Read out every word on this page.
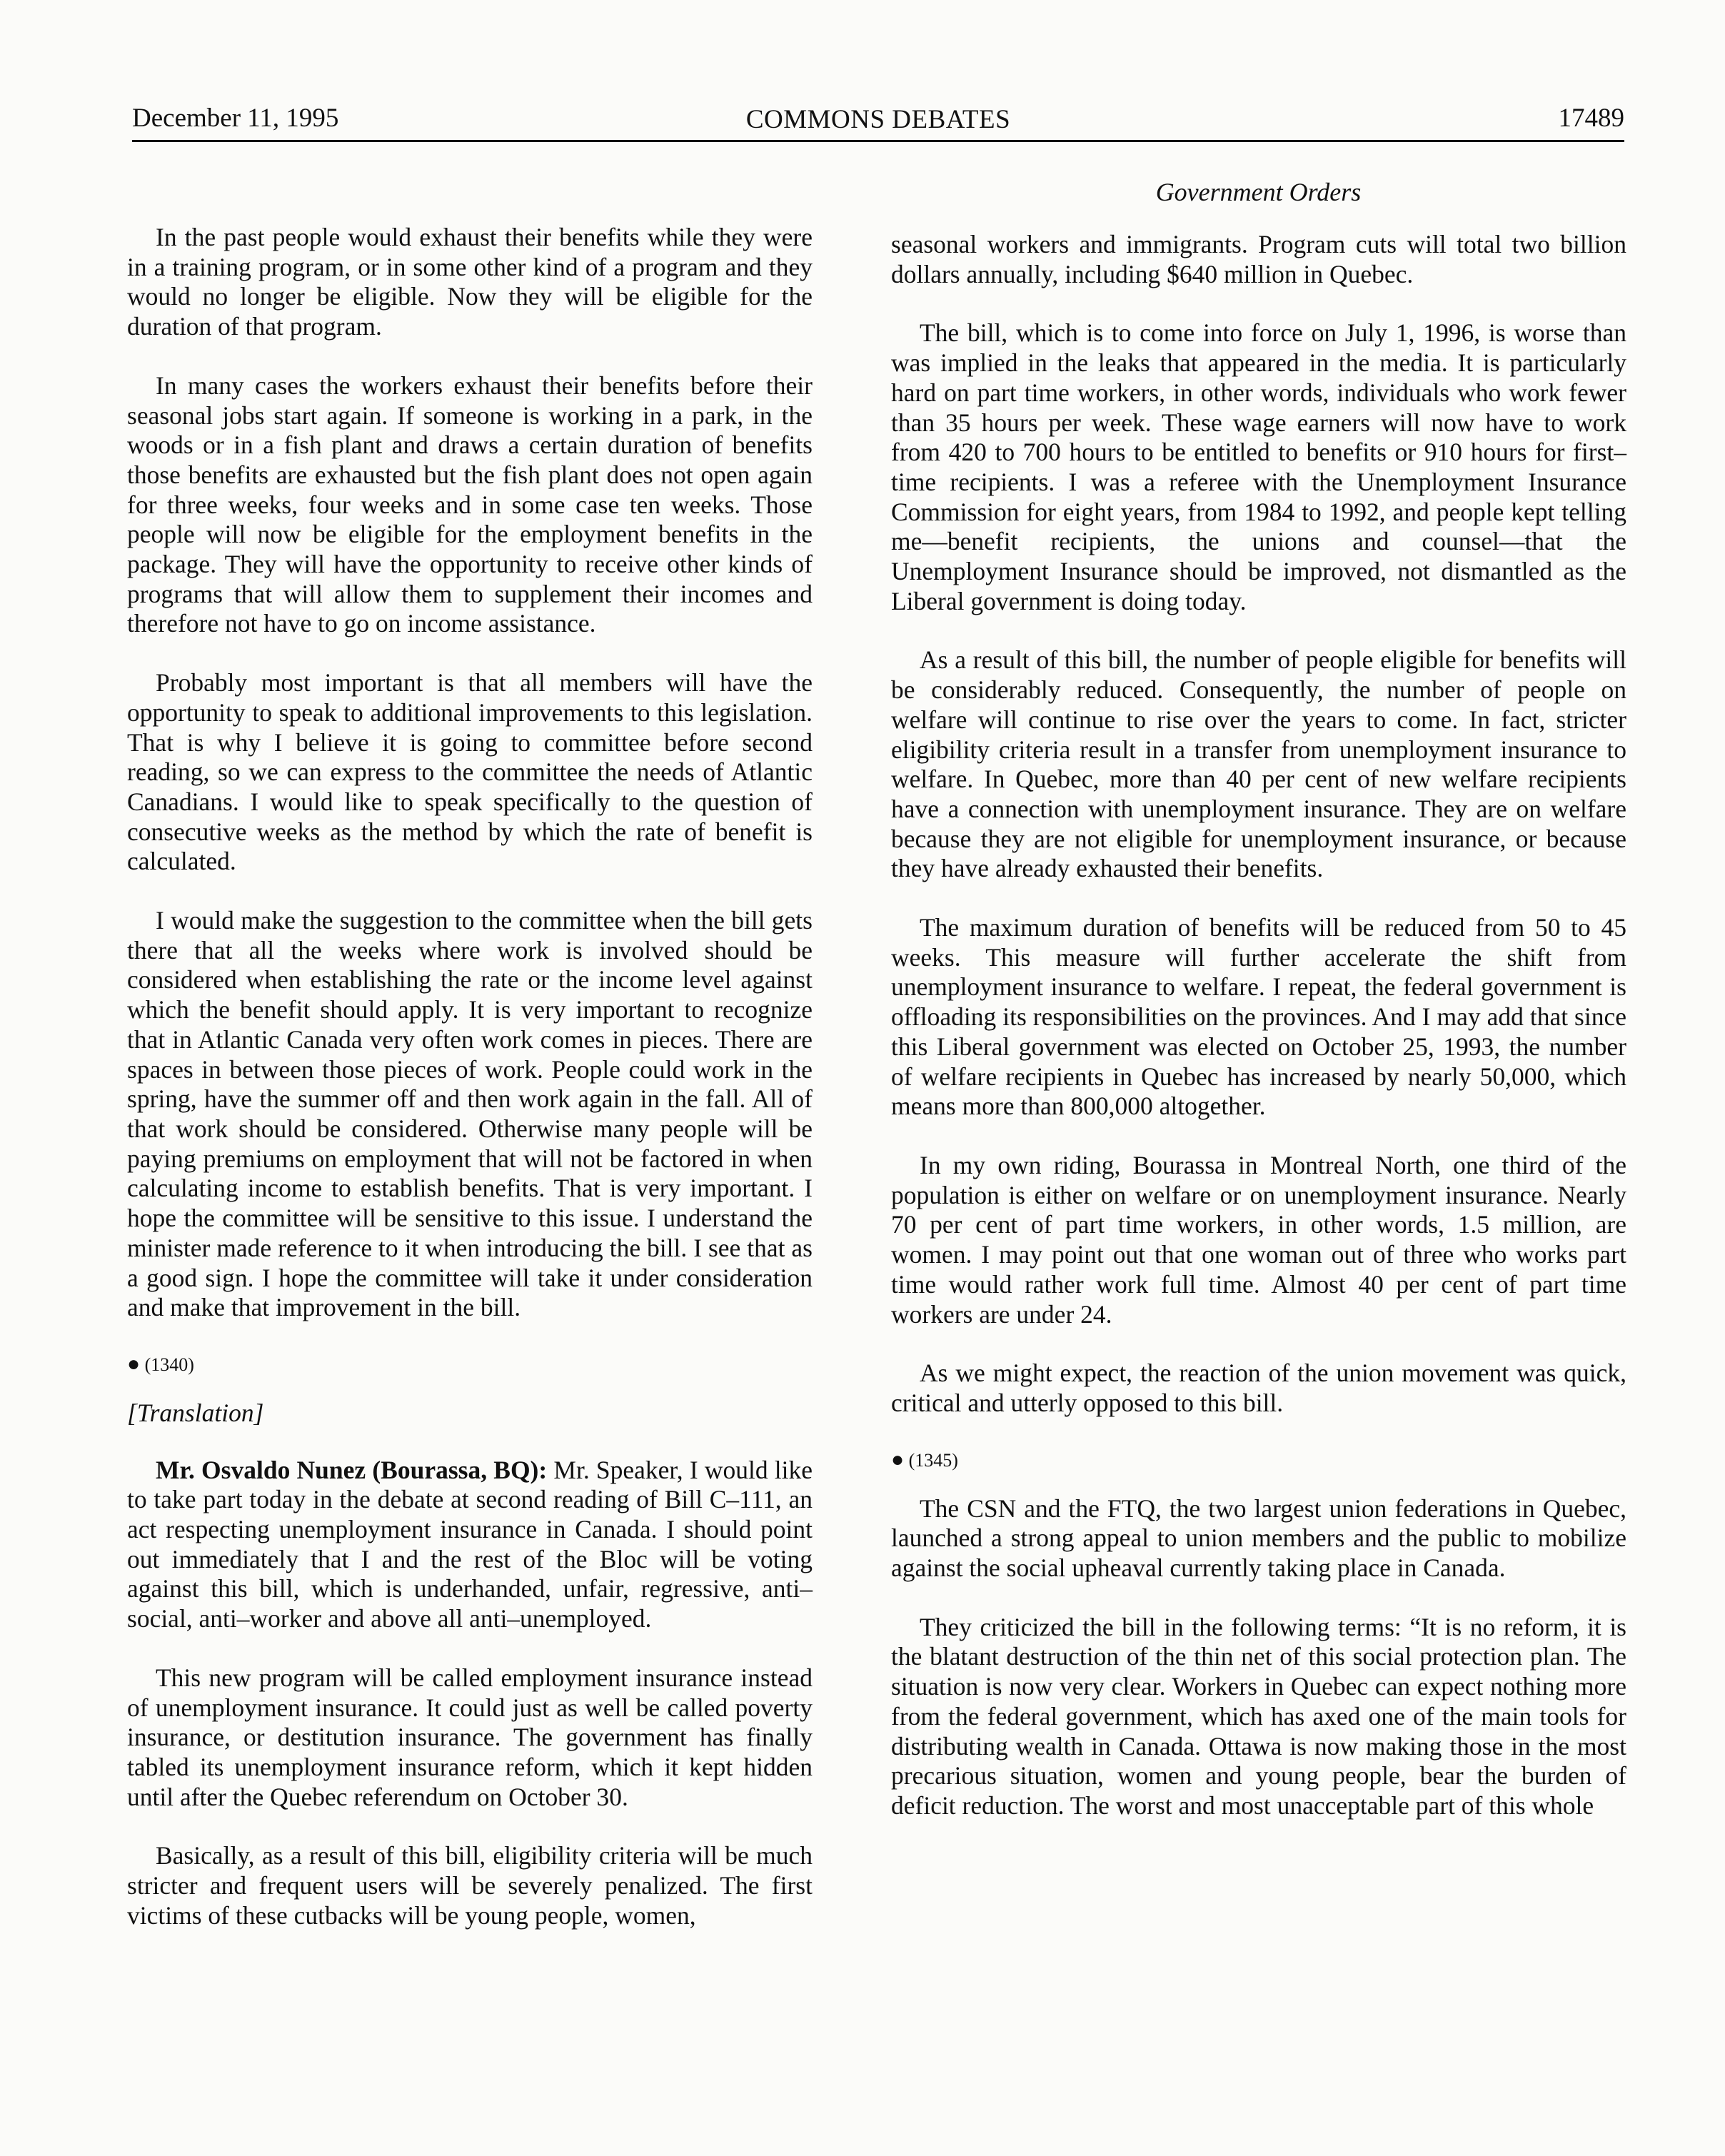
December 11, 1995	COMMONS DEBATES	17489
Government Orders

In the past people would exhaust their benefits while they were in a training program, or in some other kind of a program and they would no longer be eligible. Now they will be eligible for the duration of that program.

In many cases the workers exhaust their benefits before their seasonal jobs start again. If someone is working in a park, in the woods or in a fish plant and draws a certain duration of benefits those benefits are exhausted but the fish plant does not open again for three weeks, four weeks and in some case ten weeks. Those people will now be eligible for the employment benefits in the package. They will have the opportunity to receive other kinds of programs that will allow them to supplement their incomes and therefore not have to go on income assistance.

Probably most important is that all members will have the opportunity to speak to additional improvements to this legislation. That is why I believe it is going to committee before second reading, so we can express to the committee the needs of Atlantic Canadians. I would like to speak specifically to the question of consecutive weeks as the method by which the rate of benefit is calculated.

I would make the suggestion to the committee when the bill gets there that all the weeks where work is involved should be considered when establishing the rate or the income level against which the benefit should apply. It is very important to recognize that in Atlantic Canada very often work comes in pieces. There are spaces in between those pieces of work. People could work in the spring, have the summer off and then work again in the fall. All of that work should be considered. Otherwise many people will be paying premiums on employment that will not be factored in when calculating income to establish benefits. That is very important. I hope the committee will be sensitive to this issue. I understand the minister made reference to it when introducing the bill. I see that as a good sign. I hope the committee will take it under consideration and make that improvement in the bill.

● (1340)
[Translation]

Mr. Osvaldo Nunez (Bourassa, BQ): Mr. Speaker, I would like to take part today in the debate at second reading of Bill C–111, an act respecting unemployment insurance in Canada. I should point out immediately that I and the rest of the Bloc will be voting against this bill, which is underhanded, unfair, regressive, anti–social, anti–worker and above all anti–unemployed.

This new program will be called employment insurance instead of unemployment insurance. It could just as well be called poverty insurance, or destitution insurance. The government has finally tabled its unemployment insurance reform, which it kept hidden until after the Quebec referendum on October 30.

Basically, as a result of this bill, eligibility criteria will be much stricter and frequent users will be severely penalized. The first victims of these cutbacks will be young people, women,

seasonal workers and immigrants. Program cuts will total two billion dollars annually, including $640 million in Quebec.

The bill, which is to come into force on July 1, 1996, is worse than was implied in the leaks that appeared in the media. It is particularly hard on part time workers, in other words, individuals who work fewer than 35 hours per week. These wage earners will now have to work from 420 to 700 hours to be entitled to benefits or 910 hours for first–time recipients. I was a referee with the Unemployment Insurance Commission for eight years, from 1984 to 1992, and people kept telling me—benefit recipients, the unions and counsel—that the Unemployment Insurance should be improved, not dismantled as the Liberal government is doing today.

As a result of this bill, the number of people eligible for benefits will be considerably reduced. Consequently, the number of people on welfare will continue to rise over the years to come. In fact, stricter eligibility criteria result in a transfer from unemployment insurance to welfare. In Quebec, more than 40 per cent of new welfare recipients have a connection with unemployment insurance. They are on welfare because they are not eligible for unemployment insurance, or because they have already exhausted their benefits.

The maximum duration of benefits will be reduced from 50 to 45 weeks. This measure will further accelerate the shift from unemployment insurance to welfare. I repeat, the federal government is offloading its responsibilities on the provinces. And I may add that since this Liberal government was elected on October 25, 1993, the number of welfare recipients in Quebec has increased by nearly 50,000, which means more than 800,000 altogether.

In my own riding, Bourassa in Montreal North, one third of the population is either on welfare or on unemployment insurance. Nearly 70 per cent of part time workers, in other words, 1.5 million, are women. I may point out that one woman out of three who works part time would rather work full time. Almost 40 per cent of part time workers are under 24.

As we might expect, the reaction of the union movement was quick, critical and utterly opposed to this bill.

● (1345)

The CSN and the FTQ, the two largest union federations in Quebec, launched a strong appeal to union members and the public to mobilize against the social upheaval currently taking place in Canada.

They criticized the bill in the following terms: “It is no reform, it is the blatant destruction of the thin net of this social protection plan. The situation is now very clear. Workers in Quebec can expect nothing more from the federal government, which has axed one of the main tools for distributing wealth in Canada. Ottawa is now making those in the most precarious situation, women and young people, bear the burden of deficit reduction. The worst and most unacceptable part of this whole
